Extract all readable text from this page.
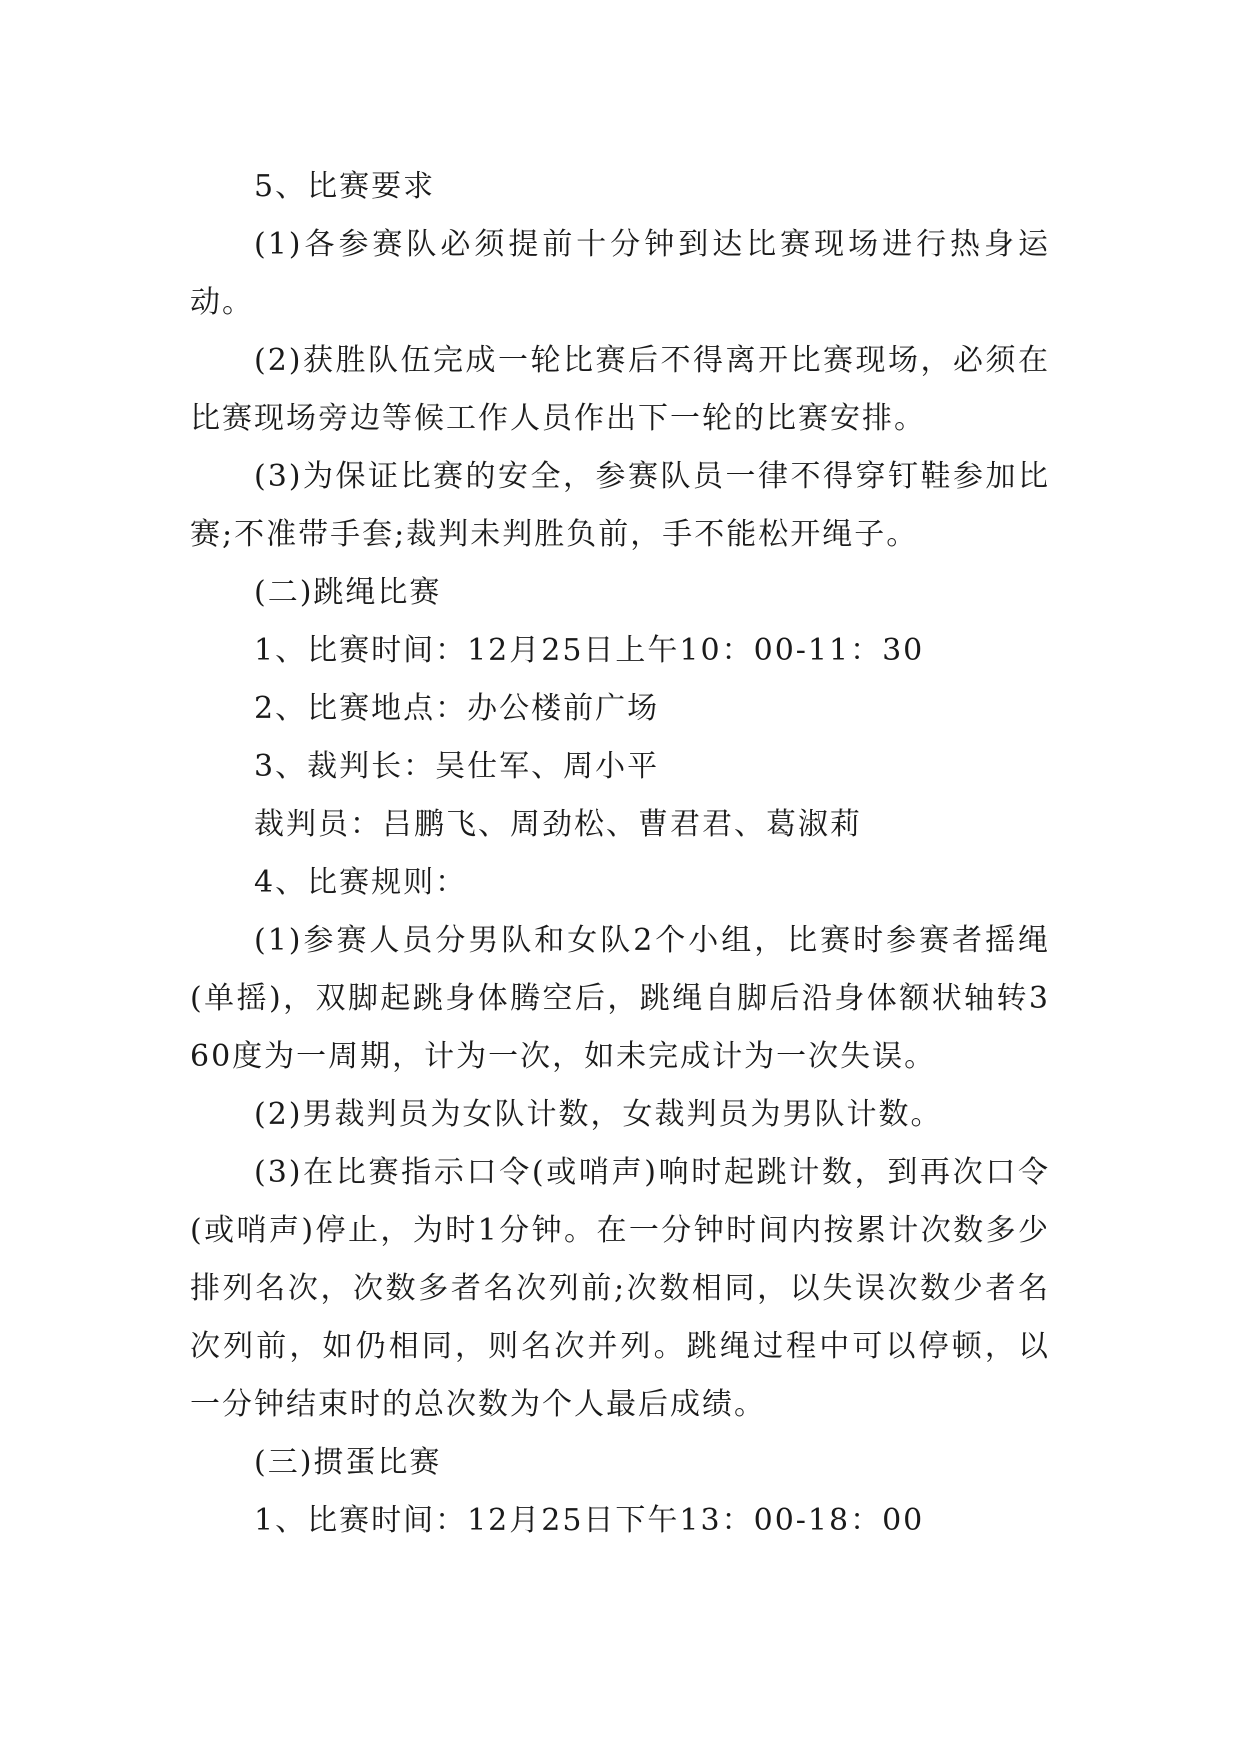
5、比赛要求

(1)各参赛队必须提前十分钟到达比赛现场进行热身运动。

(2)获胜队伍完成一轮比赛后不得离开比赛现场，必须在比赛现场旁边等候工作人员作出下一轮的比赛安排。

(3)为保证比赛的安全，参赛队员一律不得穿钉鞋参加比赛;不准带手套;裁判未判胜负前，手不能松开绳子。

(二)跳绳比赛

1、比赛时间：12月25日上午10：00-11：30

2、比赛地点：办公楼前广场

3、裁判长：吴仕军、周小平

裁判员：吕鹏飞、周劲松、曹君君、葛淑莉

4、比赛规则：

(1)参赛人员分男队和女队2个小组，比赛时参赛者摇绳(单摇)，双脚起跳身体腾空后，跳绳自脚后沿身体额状轴转360度为一周期，计为一次，如未完成计为一次失误。

(2)男裁判员为女队计数，女裁判员为男队计数。

(3)在比赛指示口令(或哨声)响时起跳计数，到再次口令(或哨声)停止，为时1分钟。在一分钟时间内按累计次数多少排列名次，次数多者名次列前;次数相同，以失误次数少者名次列前，如仍相同，则名次并列。跳绳过程中可以停顿，以一分钟结束时的总次数为个人最后成绩。

(三)掼蛋比赛

1、比赛时间：12月25日下午13：00-18：00
